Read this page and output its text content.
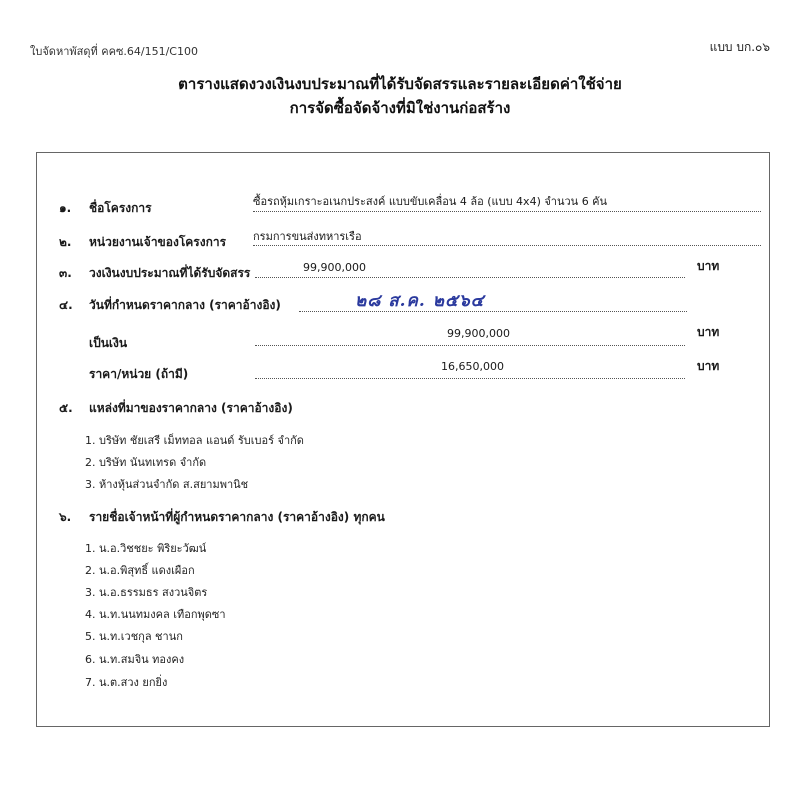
ใบจัดหาพัสดุที่ คคซ.64/151/C100	แบบ บก.๐๖
ตารางแสดงวงเงินงบประมาณที่ได้รับจัดสรรและรายละเอียดค่าใช้จ่าย
การจัดซื้อจัดจ้างที่มิใช่งานก่อสร้าง
๑. ชื่อโครงการ	ซื้อรถหุ้มเกราะอเนกประสงค์ แบบขับเคลื่อน 4 ล้อ (แบบ 4x4) จำนวน 6 คัน
๒. หน่วยงานเจ้าของโครงการ กรมการขนส่งทหารเรือ
๓. วงเงินงบประมาณที่ได้รับจัดสรร	99,900,000	บาท
๔. วันที่กำหนดราคากลาง (ราคาอ้างอิง)	๒๘ ส.ค. ๒๕๖๔
เป็นเงิน
99,900,000	บาท
ราคา/หน่วย (ถ้ามี)
16,650,000	บาท
๕. แหล่งที่มาของราคากลาง (ราคาอ้างอิง)
1. บริษัท ชัยเสรี เม็ททอล แอนด์ รับเบอร์ จำกัด
2. บริษัท นันทเทรด จำกัด
3. ห้างหุ้นส่วนจำกัด ส.สยามพานิช
๖. รายชื่อเจ้าหน้าที่ผู้กำหนดราคากลาง (ราคาอ้างอิง) ทุกคน
1. น.อ.วิชชยะ พิริยะวัฒน์
2. น.อ.พิสุทธิ์ แดงเผือก
3. น.อ.ธรรมธร สงวนจิตร
4. น.ท.นนทมงคล เทือกพุดซา
5. น.ท.เวชกุล ชานก
6. น.ท.สมจิน ทองคง
7. น.ต.สวง ยกยิ่ง
